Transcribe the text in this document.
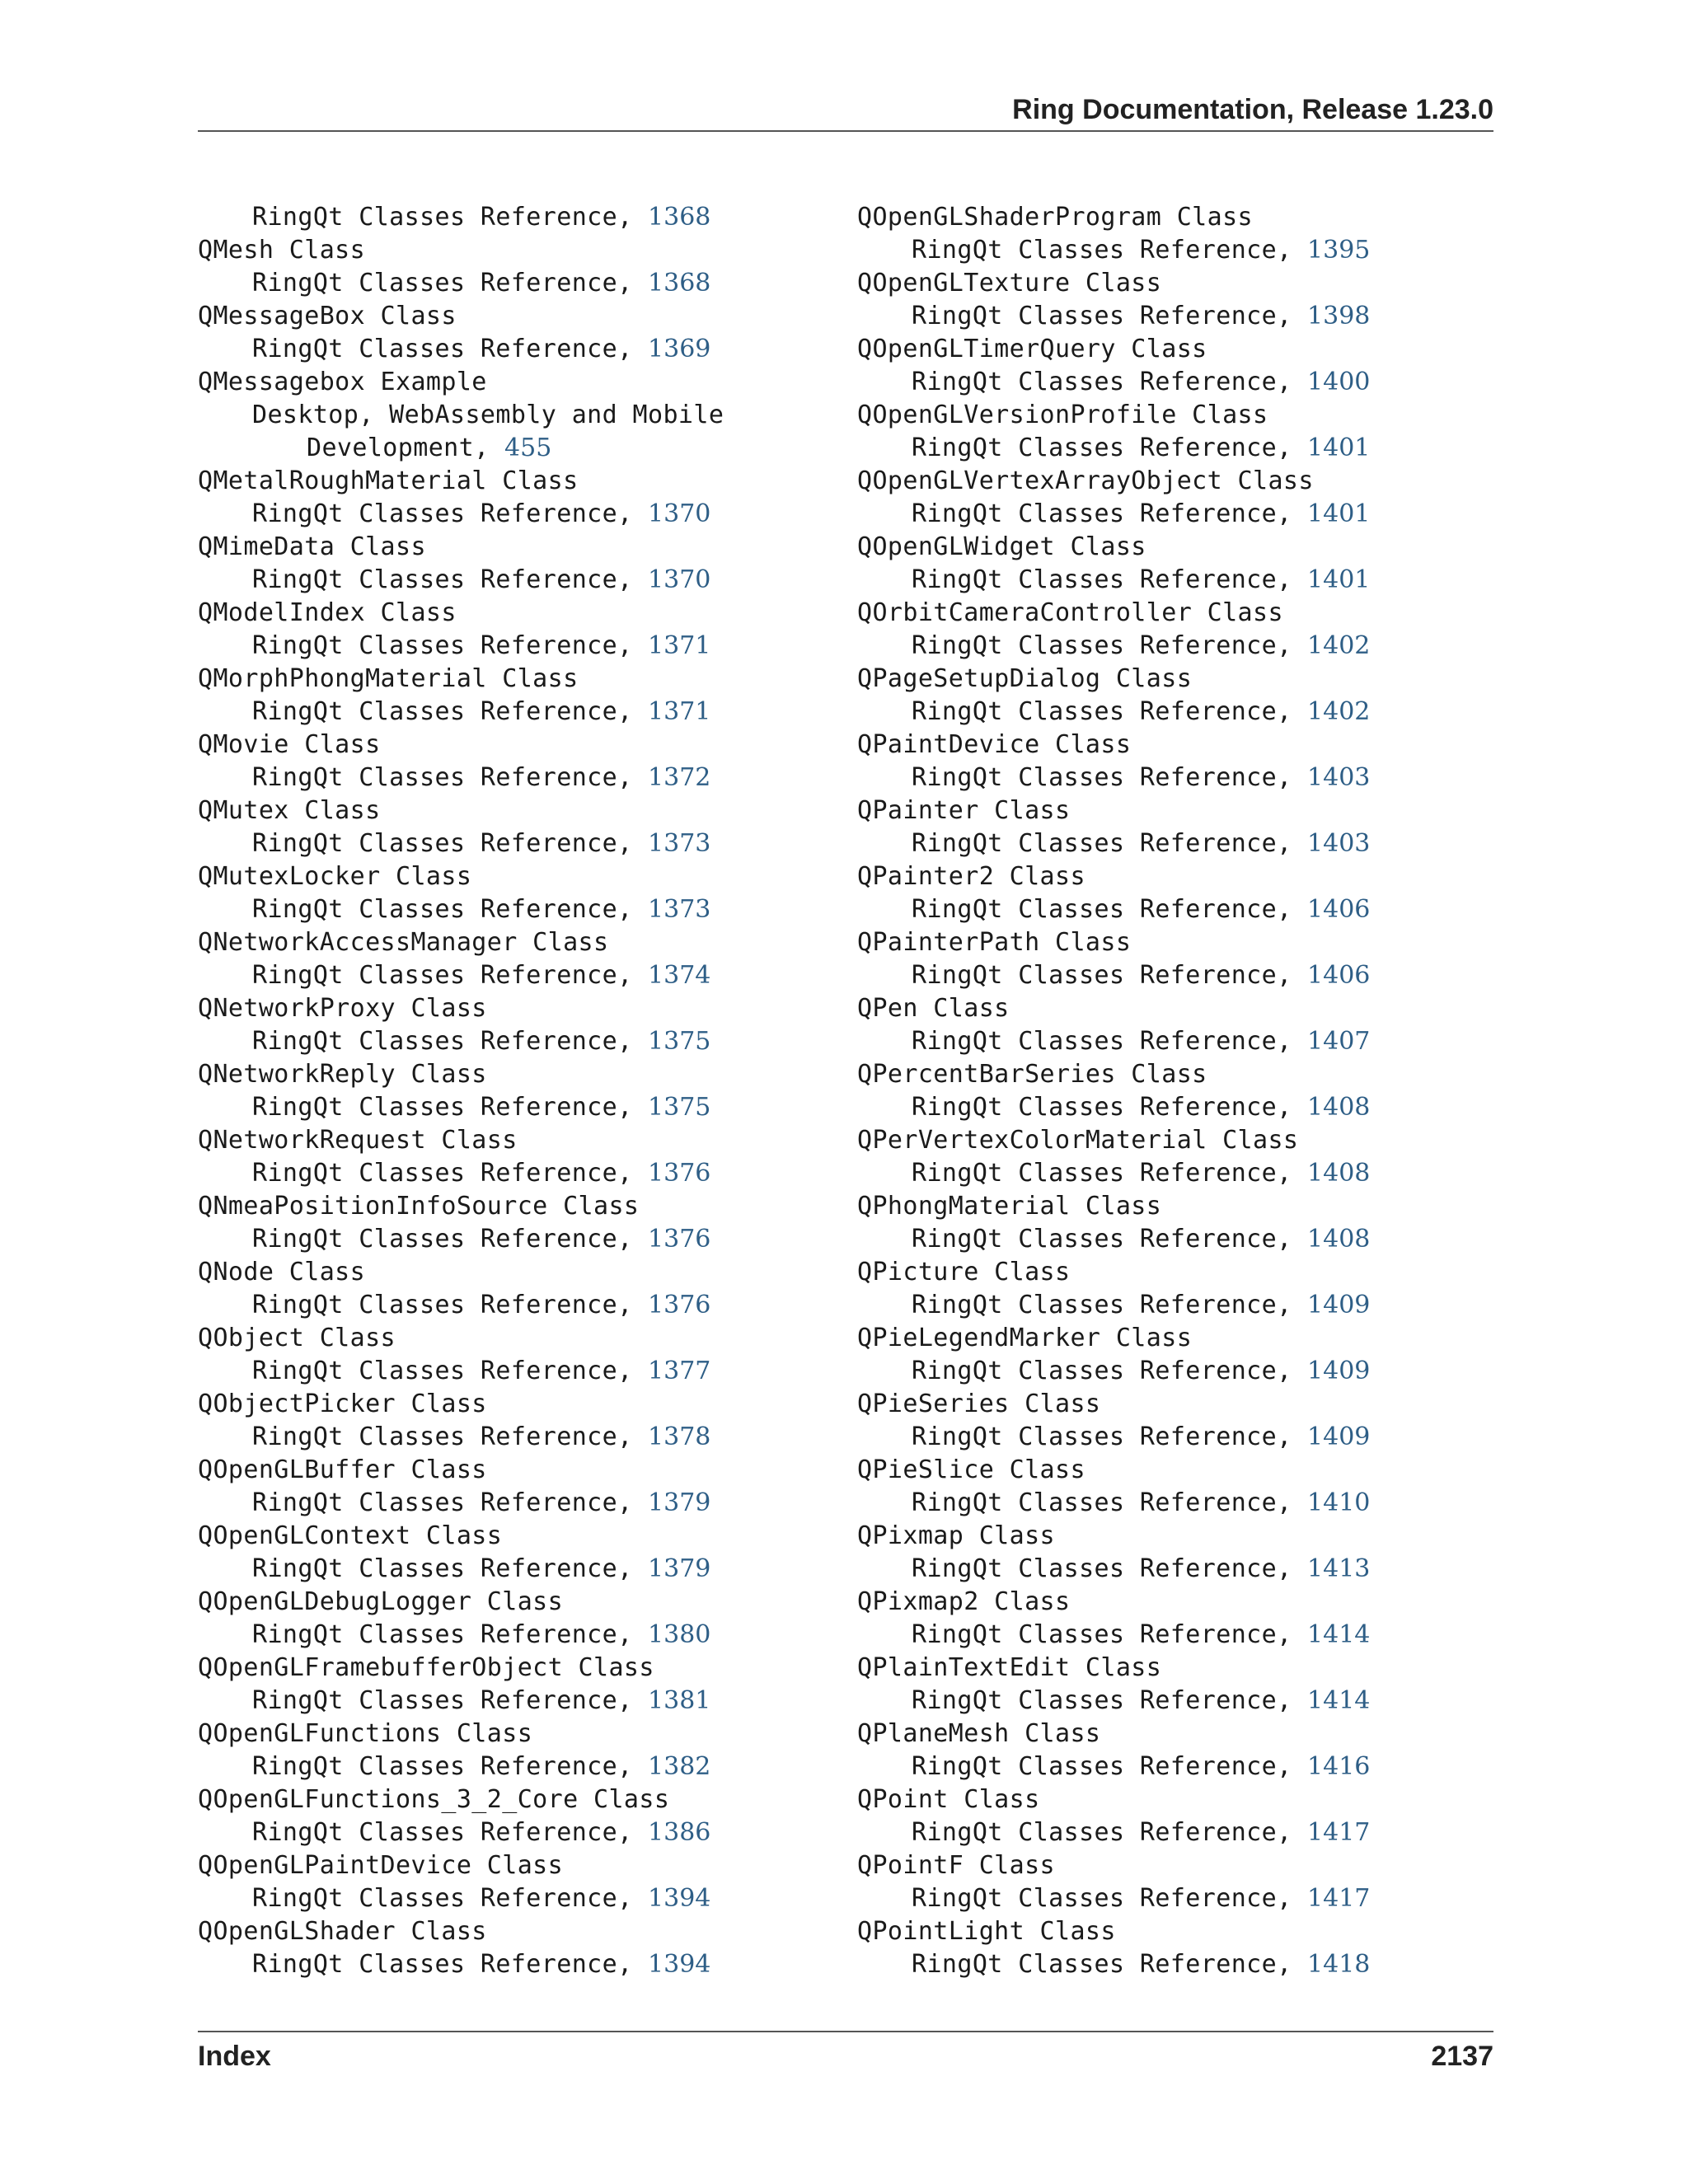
Ring Documentation, Release 1.23.0
RingQt Classes Reference, 1368
QMesh Class
RingQt Classes Reference, 1368
QMessageBox Class
RingQt Classes Reference, 1369
QMessagebox Example
Desktop, WebAssembly and Mobile
Development, 455
QMetalRoughMaterial Class
RingQt Classes Reference, 1370
QMimeData Class
RingQt Classes Reference, 1370
QModelIndex Class
RingQt Classes Reference, 1371
QMorphPhongMaterial Class
RingQt Classes Reference, 1371
QMovie Class
RingQt Classes Reference, 1372
QMutex Class
RingQt Classes Reference, 1373
QMutexLocker Class
RingQt Classes Reference, 1373
QNetworkAccessManager Class
RingQt Classes Reference, 1374
QNetworkProxy Class
RingQt Classes Reference, 1375
QNetworkReply Class
RingQt Classes Reference, 1375
QNetworkRequest Class
RingQt Classes Reference, 1376
QNmeaPositionInfoSource Class
RingQt Classes Reference, 1376
QNode Class
RingQt Classes Reference, 1376
QObject Class
RingQt Classes Reference, 1377
QObjectPicker Class
RingQt Classes Reference, 1378
QOpenGLBuffer Class
RingQt Classes Reference, 1379
QOpenGLContext Class
RingQt Classes Reference, 1379
QOpenGLDebugLogger Class
RingQt Classes Reference, 1380
QOpenGLFramebufferObject Class
RingQt Classes Reference, 1381
QOpenGLFunctions Class
RingQt Classes Reference, 1382
QOpenGLFunctions_3_2_Core Class
RingQt Classes Reference, 1386
QOpenGLPaintDevice Class
RingQt Classes Reference, 1394
QOpenGLShader Class
RingQt Classes Reference, 1394
QOpenGLShaderProgram Class
RingQt Classes Reference, 1395
QOpenGLTexture Class
RingQt Classes Reference, 1398
QOpenGLTimerQuery Class
RingQt Classes Reference, 1400
QOpenGLVersionProfile Class
RingQt Classes Reference, 1401
QOpenGLVertexArrayObject Class
RingQt Classes Reference, 1401
QOpenGLWidget Class
RingQt Classes Reference, 1401
QOrbitCameraController Class
RingQt Classes Reference, 1402
QPageSetupDialog Class
RingQt Classes Reference, 1402
QPaintDevice Class
RingQt Classes Reference, 1403
QPainter Class
RingQt Classes Reference, 1403
QPainter2 Class
RingQt Classes Reference, 1406
QPainterPath Class
RingQt Classes Reference, 1406
QPen Class
RingQt Classes Reference, 1407
QPercentBarSeries Class
RingQt Classes Reference, 1408
QPerVertexColorMaterial Class
RingQt Classes Reference, 1408
QPhongMaterial Class
RingQt Classes Reference, 1408
QPicture Class
RingQt Classes Reference, 1409
QPieLegendMarker Class
RingQt Classes Reference, 1409
QPieSeries Class
RingQt Classes Reference, 1409
QPieSlice Class
RingQt Classes Reference, 1410
QPixmap Class
RingQt Classes Reference, 1413
QPixmap2 Class
RingQt Classes Reference, 1414
QPlainTextEdit Class
RingQt Classes Reference, 1414
QPlaneMesh Class
RingQt Classes Reference, 1416
QPoint Class
RingQt Classes Reference, 1417
QPointF Class
RingQt Classes Reference, 1417
QPointLight Class
RingQt Classes Reference, 1418
Index	2137
